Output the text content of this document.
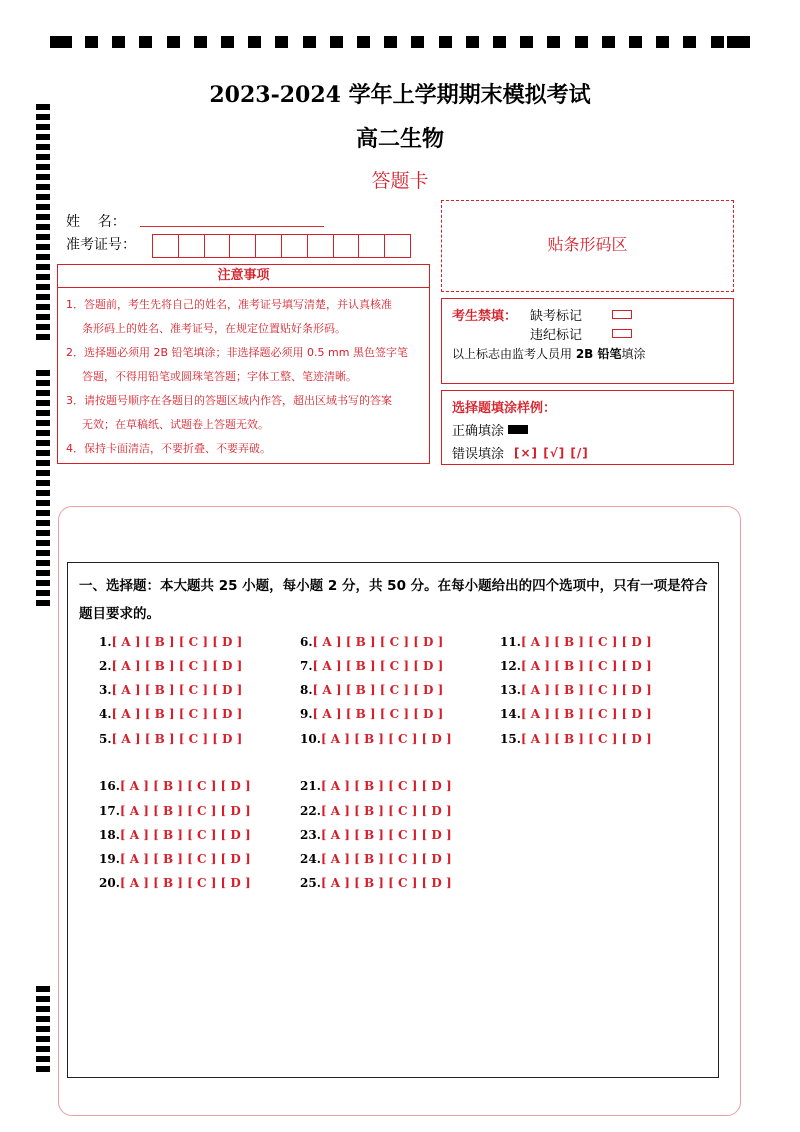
2023-2024 学年上学期期末模拟考试
高二生物
答题卡
姓    名：
准考证号：
注意事项
1．答题前，考生先将自己的姓名，准考证号填写清楚，并认真核准
条形码上的姓名、准考证号，在规定位置贴好条形码。
2．选择题必须用 2B 铅笔填涂；非选择题必须用 0.5 mm 黑色签字笔
答题，不得用铅笔或圆珠笔答题；字体工整、笔迹清晰。
3．请按题号顺序在各题目的答题区域内作答，超出区域书写的答案
无效；在草稿纸、试题卷上答题无效。
4．保持卡面清洁，不要折叠、不要弄破。
贴条形码区
考生禁填： 缺考标记
违纪标记
以上标志由监考人员用 2B 铅笔填涂
选择题填涂样例：
正确填涂
错误填涂 [×] [√] [/]
一、选择题：本大题共 25 小题，每小题 2 分，共 50 分。在每小题给出的四个选项中，只有一项是符合题目要求的。
1.[ A ] [ B ] [ C ] [ D ]
2.[ A ] [ B ] [ C ] [ D ]
3.[ A ] [ B ] [ C ] [ D ]
4.[ A ] [ B ] [ C ] [ D ]
5.[ A ] [ B ] [ C ] [ D ]
6.[ A ] [ B ] [ C ] [ D ]
7.[ A ] [ B ] [ C ] [ D ]
8.[ A ] [ B ] [ C ] [ D ]
9.[ A ] [ B ] [ C ] [ D ]
10.[ A ] [ B ] [ C ] [ D ]
11.[ A ] [ B ] [ C ] [ D ]
12.[ A ] [ B ] [ C ] [ D ]
13.[ A ] [ B ] [ C ] [ D ]
14.[ A ] [ B ] [ C ] [ D ]
15.[ A ] [ B ] [ C ] [ D ]
16.[ A ] [ B ] [ C ] [ D ]
17.[ A ] [ B ] [ C ] [ D ]
18.[ A ] [ B ] [ C ] [ D ]
19.[ A ] [ B ] [ C ] [ D ]
20.[ A ] [ B ] [ C ] [ D ]
21.[ A ] [ B ] [ C ] [ D ]
22.[ A ] [ B ] [ C ] [ D ]
23.[ A ] [ B ] [ C ] [ D ]
24.[ A ] [ B ] [ C ] [ D ]
25.[ A ] [ B ] [ C ] [ D ]
